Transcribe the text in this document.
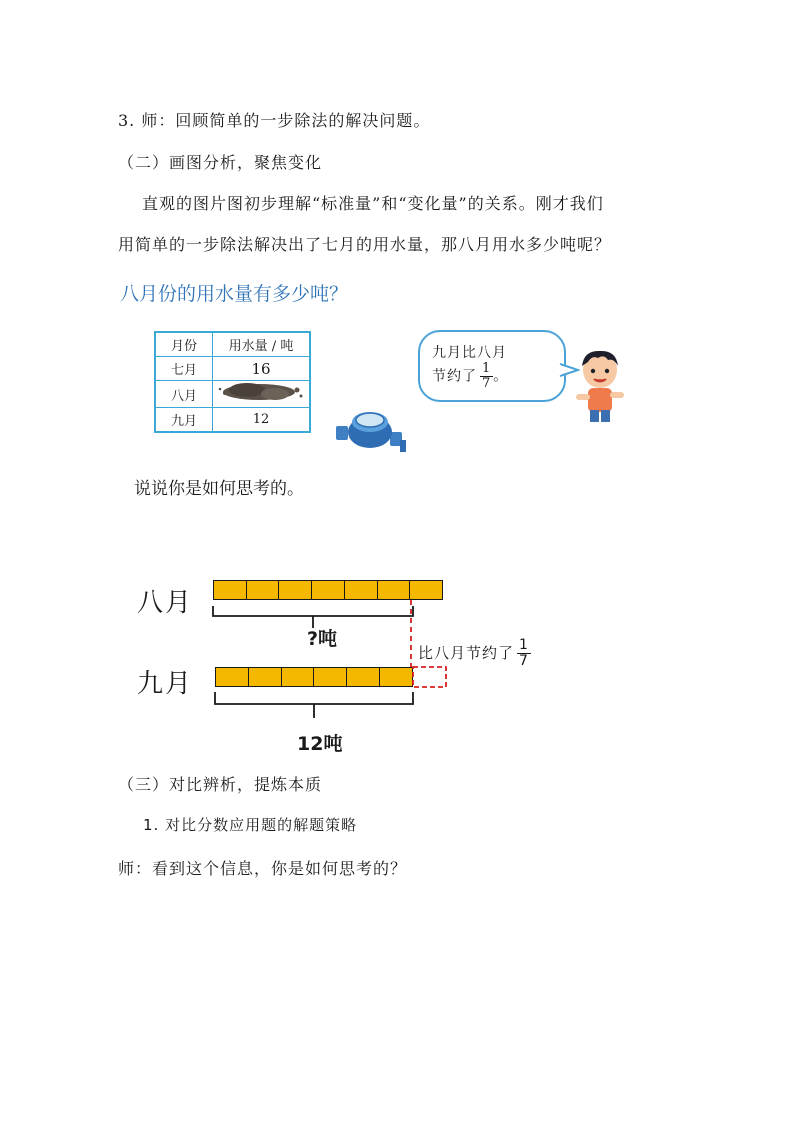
3. 师：回顾简单的一步除法的解决问题。
（二）画图分析，聚焦变化
直观的图片图初步理解“标准量”和“变化量”的关系。刚才我们
用简单的一步除法解决出了七月的用水量，那八月用水多少吨呢？
八月份的用水量有多少吨？
月份	用水量 / 吨
七月	16
八月	
九月	12
九月比八月
节约了 $\frac{1}{7}$ 。
说说你是如何思考的。
八月
?吨
比八月节约了 $\frac{1}{7}$
九月
12吨
（三）对比辨析，提炼本质
1. 对比分数应用题的解题策略
师：看到这个信息，你是如何思考的？
